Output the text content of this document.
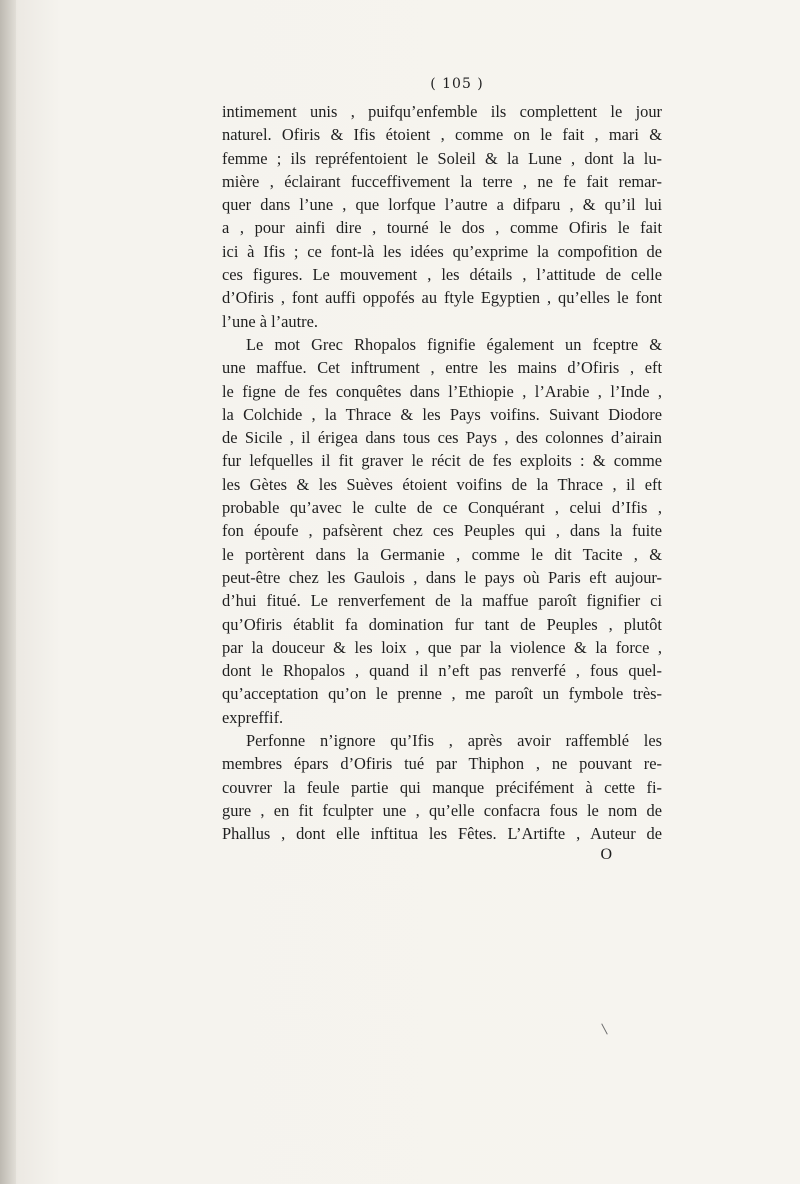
( 105 )
intimement unis , puifqu’enfemble ils complettent le jour
naturel. Ofiris & Ifis étoient , comme on le fait , mari &
femme ; ils repréfentoient le Soleil & la Lune , dont la lu-
mière , éclairant fucceffivement la terre , ne fe fait remar-
quer dans l’une , que lorfque l’autre a difparu , & qu’il lui
a , pour ainfi dire , tourné le dos , comme Ofiris le fait
ici à Ifis ; ce font-là les idées qu’exprime la compofition de
ces figures. Le mouvement , les détails , l’attitude de celle
d’Ofiris , font auffi oppofés au ftyle Egyptien , qu’elles le font
l’une à l’autre.
Le mot Grec Rhopalos fignifie également un fceptre &
une maffue. Cet inftrument , entre les mains d’Ofiris , eft
le figne de fes conquêtes dans l’Ethiopie , l’Arabie , l’Inde ,
la Colchide , la Thrace & les Pays voifins. Suivant Diodore
de Sicile , il érigea dans tous ces Pays , des colonnes d’airain
fur lefquelles il fit graver le récit de fes exploits : & comme
les Gètes & les Suèves étoient voifins de la Thrace , il eft
probable qu’avec le culte de ce Conquérant , celui d’Ifis ,
fon époufe , pafsèrent chez ces Peuples qui , dans la fuite
le portèrent dans la Germanie , comme le dit Tacite , &
peut-être chez les Gaulois , dans le pays où Paris eft aujour-
d’hui fitué. Le renverfement de la maffue paroît fignifier ci
qu’Ofiris établit fa domination fur tant de Peuples , plutôt
par la douceur & les loix , que par la violence & la force ,
dont le Rhopalos , quand il n’eft pas renverfé , fous quel-
qu’acceptation qu’on le prenne , me paroît un fymbole très-
expreffif.
Perfonne n’ignore qu’Ifis , après avoir raffemblé les
membres épars d’Ofiris tué par Thiphon , ne pouvant re-
couvrer la feule partie qui manque précifément à cette fi-
gure , en fit fculpter une , qu’elle confacra fous le nom de
Phallus , dont elle inftitua les Fêtes. L’Artifte , Auteur de
O
